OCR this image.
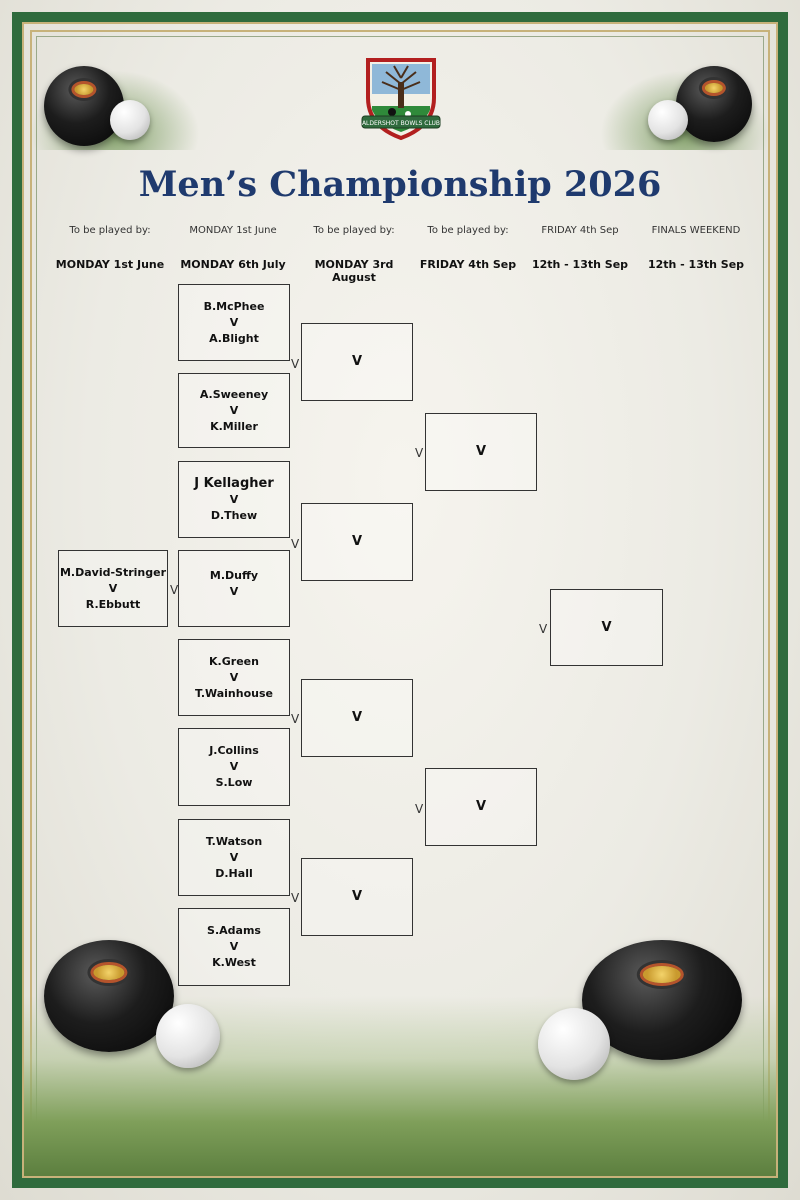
ALDERSHOT BOWLS CLUB
Men’s Championship 2026
To be played by:
MONDAY 1st June
MONDAY 1st June
MONDAY 6th July
To be played by:
MONDAY 3rd August
To be played by:
FRIDAY 4th Sep
FRIDAY 4th Sep
12th - 13th Sep
FINALS WEEKEND
12th - 13th Sep
M.David-Stringer
V
R.Ebbutt
V
B.McPhee
V
A.Blight
A.Sweeney
V
K.Miller
J Kellagher
V
D.Thew
M.Duffy
V
K.Green
V
T.Wainhouse
J.Collins
V
S.Low
T.Watson
V
D.Hall
S.Adams
V
K.West
V	V
V	V
V	V
V	V
V	V
V	V
V	V
